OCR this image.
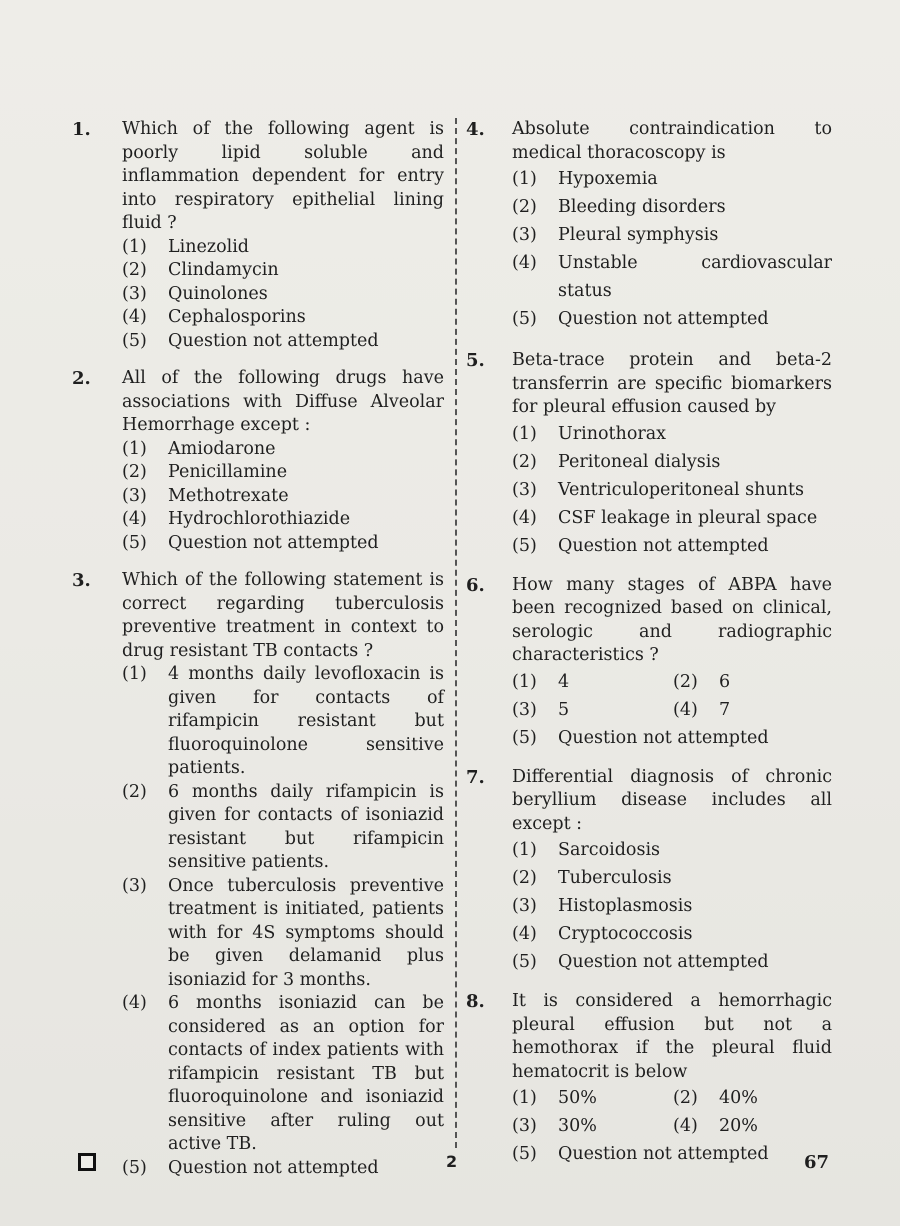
1.	Which of the following agent is poorly lipid soluble and inflammation dependent for entry into respiratory epithelial lining fluid ?
(1)	Linezolid
(2)	Clindamycin
(3)	Quinolones
(4)	Cephalosporins
(5)	Question not attempted
2.	All of the following drugs have associations with Diffuse Alveolar Hemorrhage except :
(1)	Amiodarone
(2)	Penicillamine
(3)	Methotrexate
(4)	Hydrochlorothiazide
(5)	Question not attempted
3.	Which of the following statement is correct regarding tuberculosis preventive treatment in context to drug resistant TB contacts ?
(1)	4 months daily levofloxacin is given for contacts of rifampicin resistant but fluoroquinolone sensitive patients.
(2)	6 months daily rifampicin is given for contacts of isoniazid resistant but rifampicin sensitive patients.
(3)	Once tuberculosis preventive treatment is initiated, patients with for 4S symptoms should be given delamanid plus isoniazid for 3 months.
(4)	6 months isoniazid can be considered as an option for contacts of index patients with rifampicin resistant TB but fluoroquinolone and isoniazid sensitive after ruling out active TB.
(5)	Question not attempted
4.	Absolute contraindication to medical thoracoscopy is
(1)	Hypoxemia
(2)	Bleeding disorders
(3)	Pleural symphysis
(4)	Unstable cardiovascular status
(5)	Question not attempted
5.	Beta-trace protein and beta-2 transferrin are specific biomarkers for pleural effusion caused by
(1)	Urinothorax
(2)	Peritoneal dialysis
(3)	Ventriculoperitoneal shunts
(4)	CSF leakage in pleural space
(5)	Question not attempted
6.	How many stages of ABPA have been recognized based on clinical, serologic and radiographic characteristics ?
(1)	4	(2)	6
(3)	5	(4)	7
(5)	Question not attempted
7.	Differential diagnosis of chronic beryllium disease includes all except :
(1)	Sarcoidosis
(2)	Tuberculosis
(3)	Histoplasmosis
(4)	Cryptococcosis
(5)	Question not attempted
8.	It is considered a hemorrhagic pleural effusion but not a hemothorax if the pleural fluid hematocrit is below
(1)	50%	(2)	40%
(3)	30%	(4)	20%
(5)	Question not attempted
2	67
